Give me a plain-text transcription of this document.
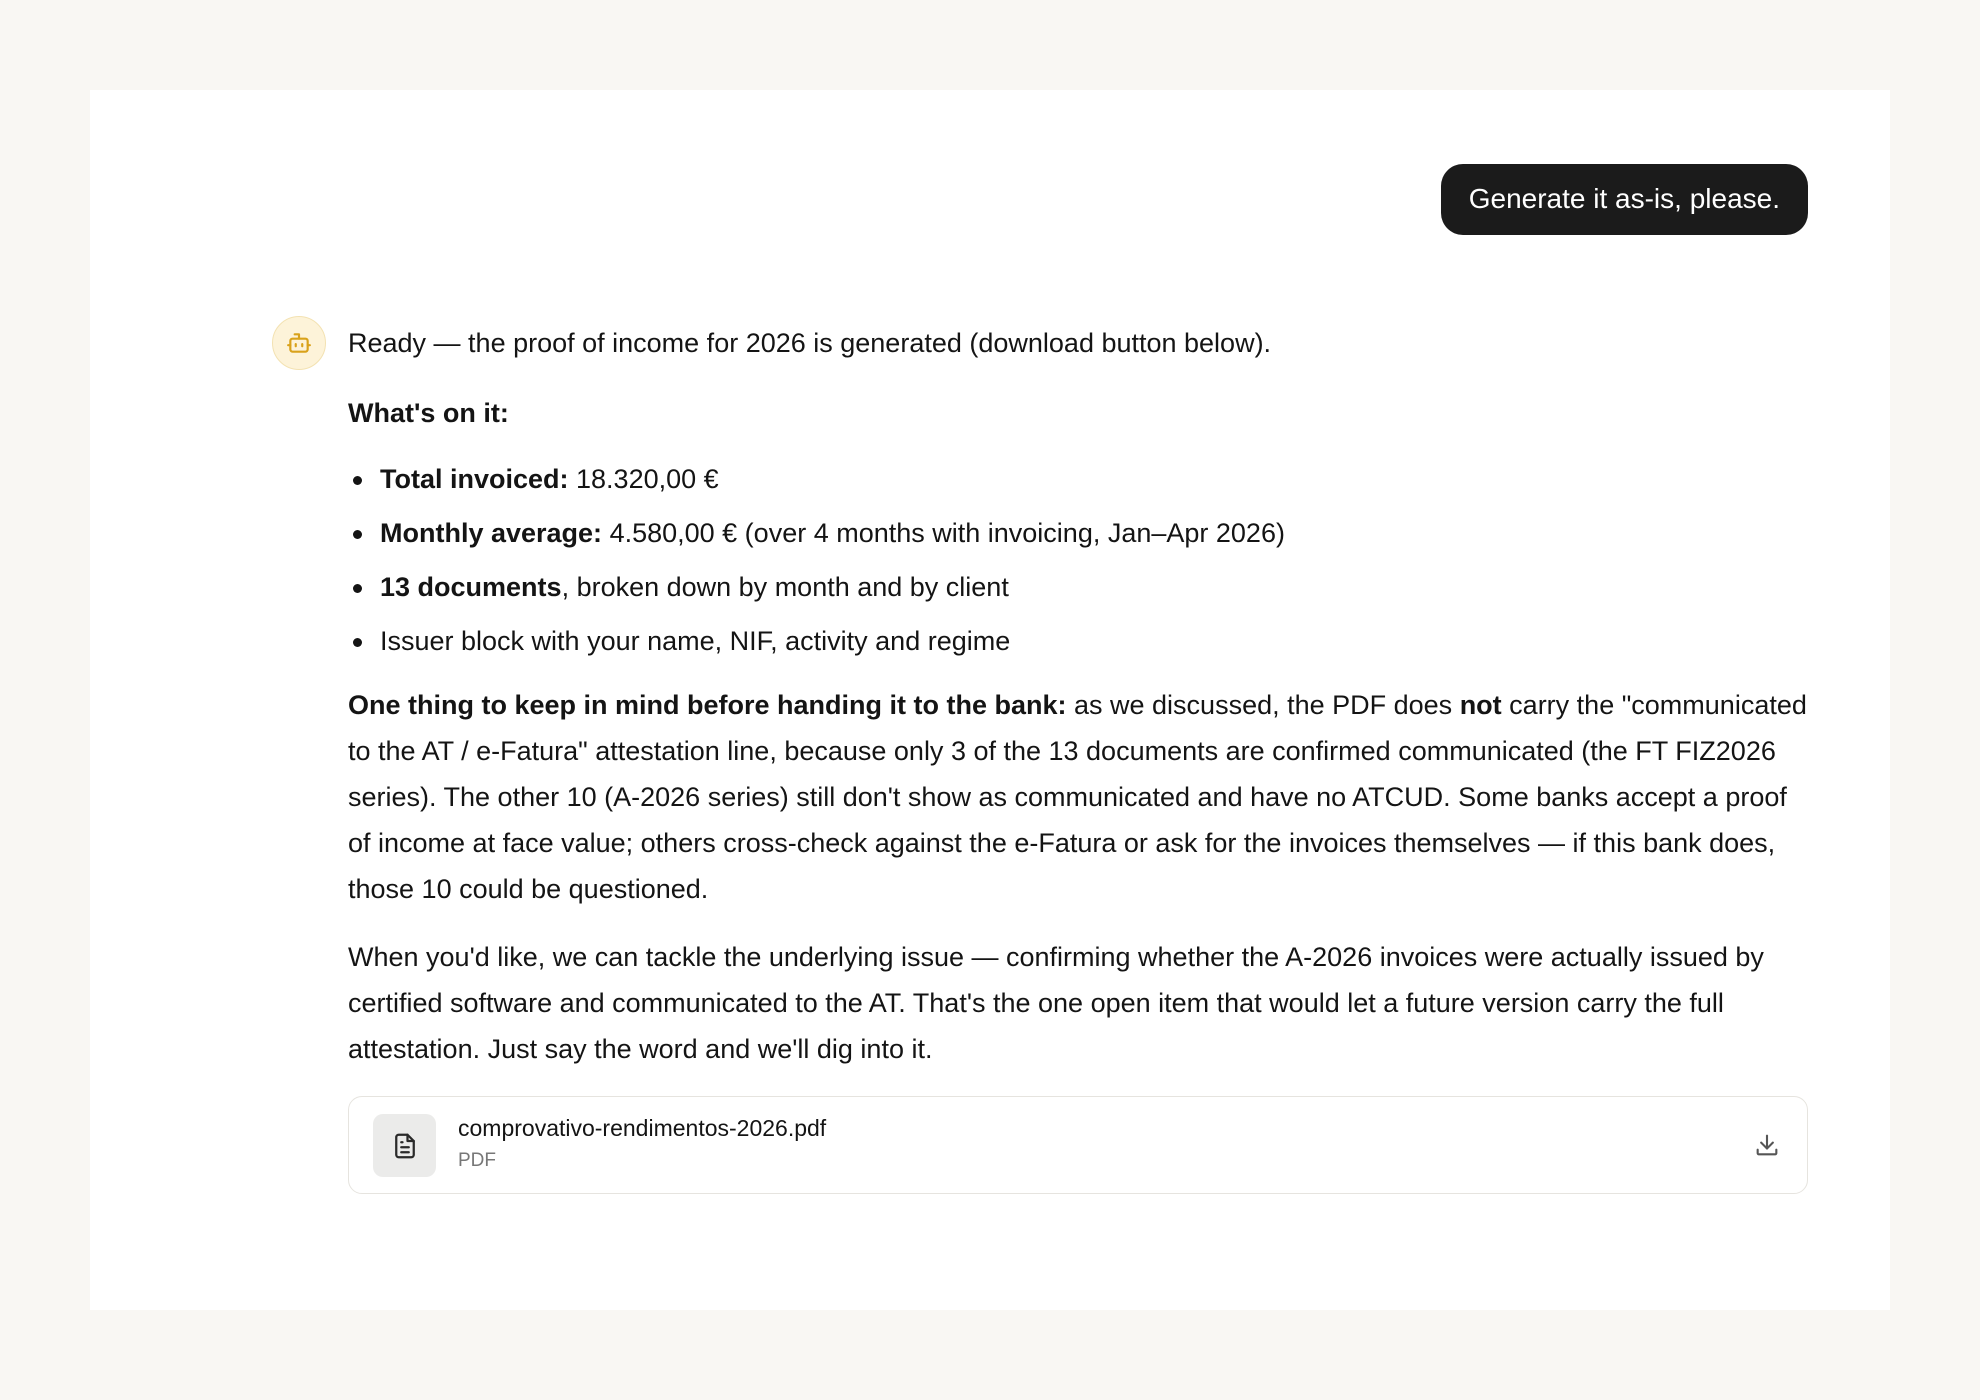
Generate it as-is, please.

Ready — the proof of income for 2026 is generated (download button below).

What's on it:

Total invoiced: 18.320,00 €
Monthly average: 4.580,00 € (over 4 months with invoicing, Jan–Apr 2026)
13 documents, broken down by month and by client
Issuer block with your name, NIF, activity and regime

One thing to keep in mind before handing it to the bank: as we discussed, the PDF does not carry the "communicated to the AT / e-Fatura" attestation line, because only 3 of the 13 documents are confirmed communicated (the FT FIZ2026 series). The other 10 (A-2026 series) still don't show as communicated and have no ATCUD. Some banks accept a proof of income at face value; others cross-check against the e-Fatura or ask for the invoices themselves — if this bank does, those 10 could be questioned.

When you'd like, we can tackle the underlying issue — confirming whether the A-2026 invoices were actually issued by certified software and communicated to the AT. That's the one open item that would let a future version carry the full attestation. Just say the word and we'll dig into it.

comprovativo-rendimentos-2026.pdf
PDF
